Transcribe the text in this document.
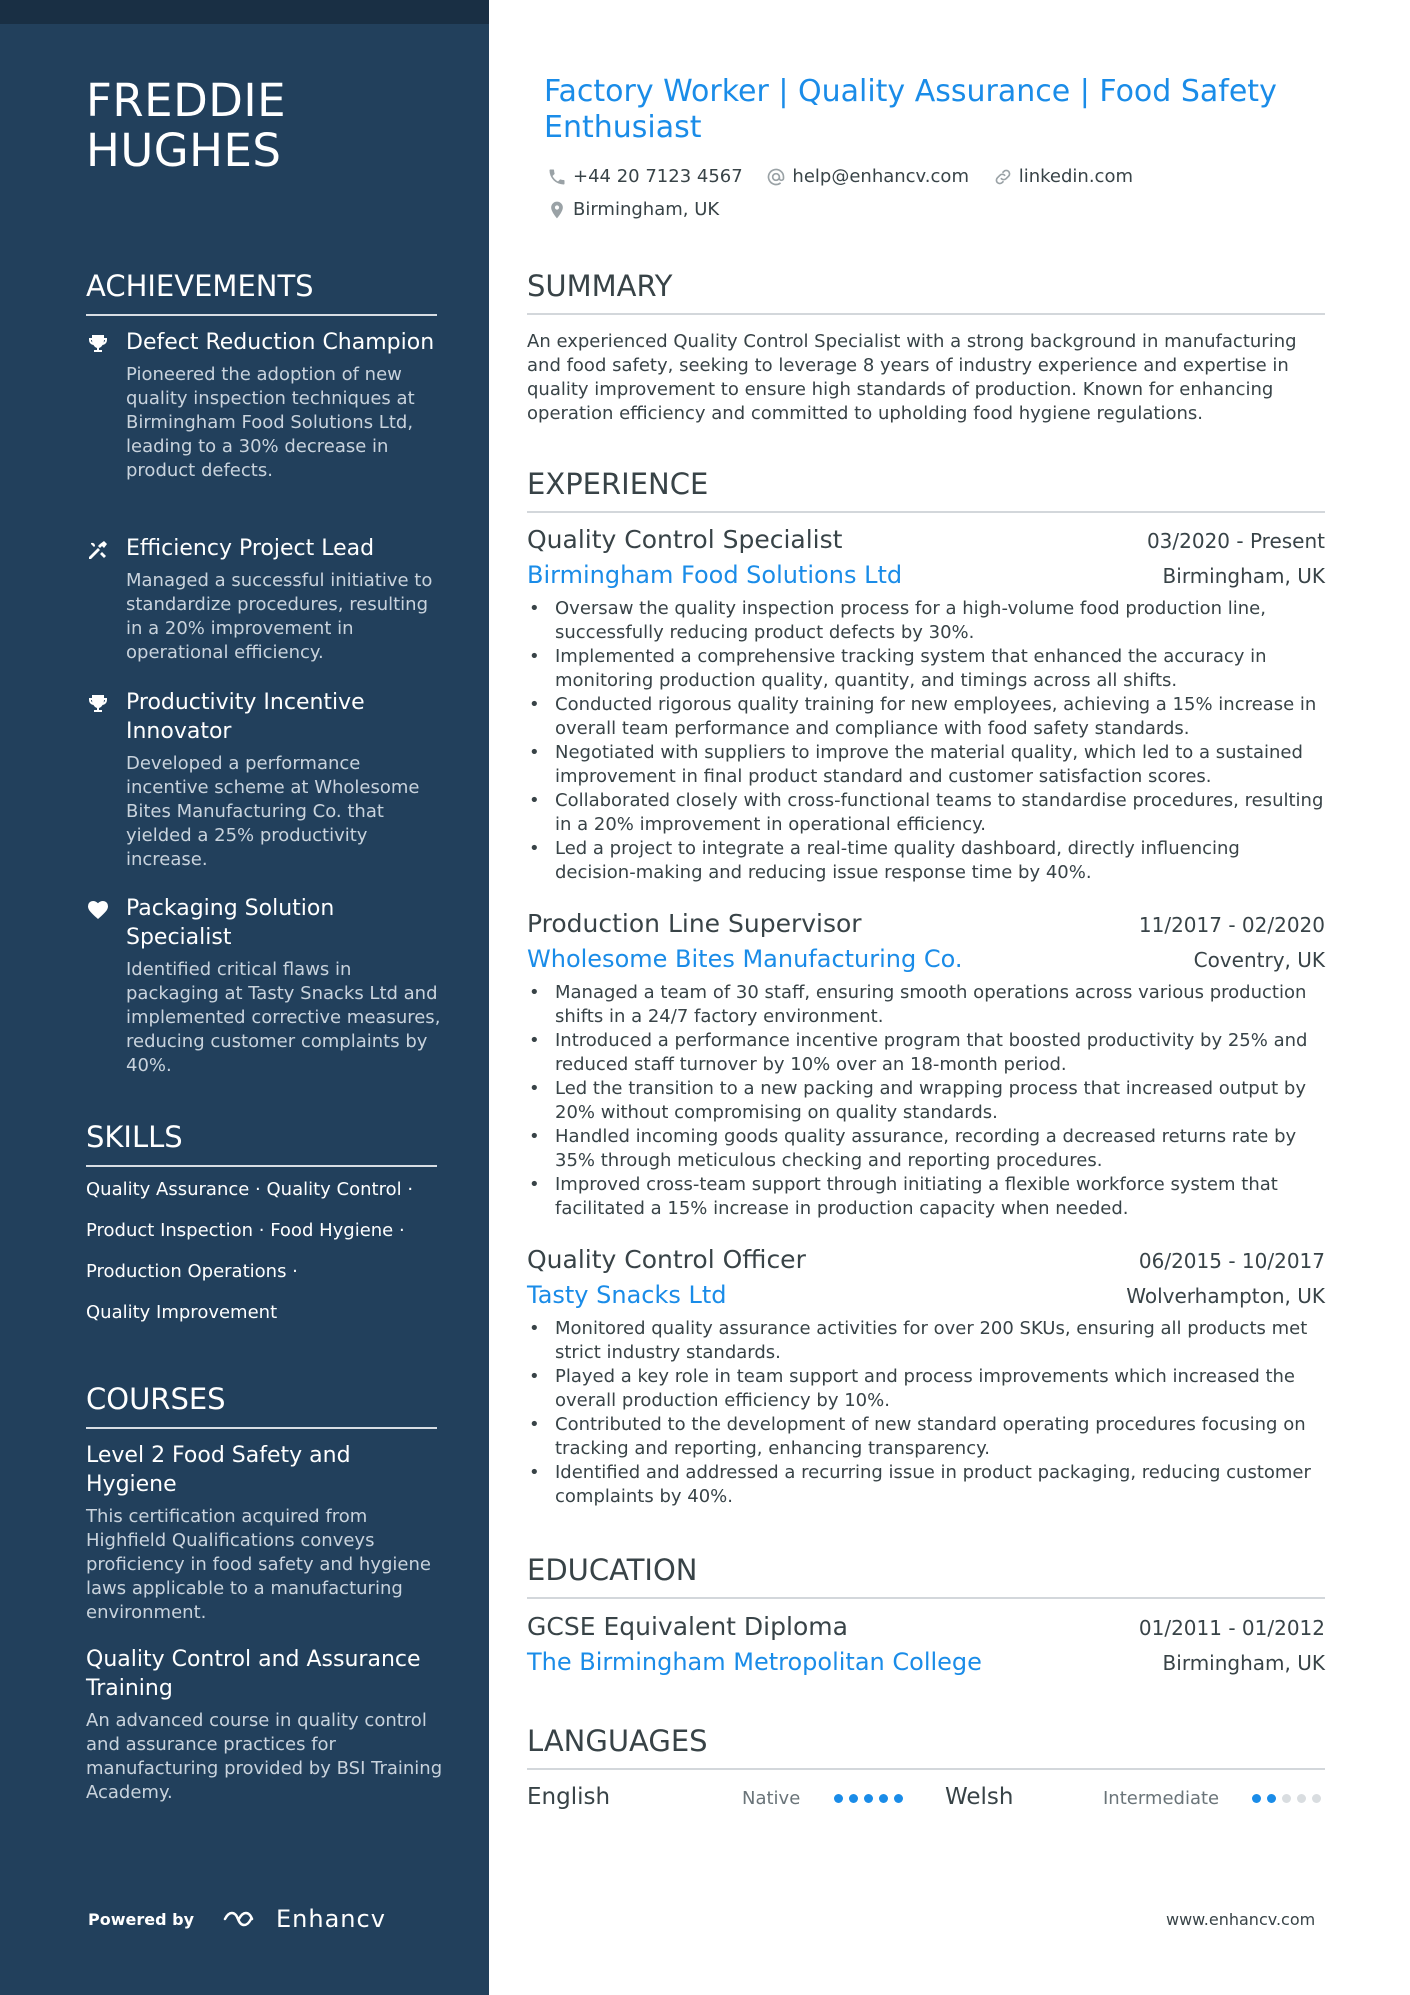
FREDDIE
HUGHES
ACHIEVEMENTS
Defect Reduction Champion
Pioneered the adoption of new quality inspection techniques at Birmingham Food Solutions Ltd, leading to a 30% decrease in product defects.
Efficiency Project Lead
Managed a successful initiative to standardize procedures, resulting in a 20% improvement in operational efficiency.
Productivity Incentive Innovator
Developed a performance incentive scheme at Wholesome Bites Manufacturing Co. that yielded a 25% productivity increase.
Packaging Solution Specialist
Identified critical flaws in packaging at Tasty Snacks Ltd and implemented corrective measures, reducing customer complaints by 40%.
SKILLS
Quality Assurance · Quality Control ·
Product Inspection · Food Hygiene ·
Production Operations ·
Quality Improvement
COURSES
Level 2 Food Safety and Hygiene
This certification acquired from Highfield Qualifications conveys proficiency in food safety and hygiene laws applicable to a manufacturing environment.
Quality Control and Assurance Training
An advanced course in quality control and assurance practices for manufacturing provided by BSI Training Academy.
Powered by	Enhancv
Factory Worker | Quality Assurance | Food Safety Enthusiast
+44 20 7123 4567
	help@enhancv.com
	linkedin.com

Birmingham, UK
SUMMARY
An experienced Quality Control Specialist with a strong background in manufacturing and food safety, seeking to leverage 8 years of industry experience and expertise in quality improvement to ensure high standards of production. Known for enhancing operation efficiency and committed to upholding food hygiene regulations.
EXPERIENCE
Quality Control Specialist	03/2020 - Present
Birmingham Food Solutions Ltd	Birmingham, UK
• Oversaw the quality inspection process for a high-volume food production line, successfully reducing product defects by 30%.
• Implemented a comprehensive tracking system that enhanced the accuracy in monitoring production quality, quantity, and timings across all shifts.
• Conducted rigorous quality training for new employees, achieving a 15% increase in overall team performance and compliance with food safety standards.
• Negotiated with suppliers to improve the material quality, which led to a sustained improvement in final product standard and customer satisfaction scores.
• Collaborated closely with cross-functional teams to standardise procedures, resulting in a 20% improvement in operational efficiency.
• Led a project to integrate a real-time quality dashboard, directly influencing decision-making and reducing issue response time by 40%.
Production Line Supervisor	11/2017 - 02/2020
Wholesome Bites Manufacturing Co.	Coventry, UK
• Managed a team of 30 staff, ensuring smooth operations across various production shifts in a 24/7 factory environment.
• Introduced a performance incentive program that boosted productivity by 25% and reduced staff turnover by 10% over an 18-month period.
• Led the transition to a new packing and wrapping process that increased output by 20% without compromising on quality standards.
• Handled incoming goods quality assurance, recording a decreased returns rate by 35% through meticulous checking and reporting procedures.
• Improved cross-team support through initiating a flexible workforce system that facilitated a 15% increase in production capacity when needed.
Quality Control Officer	06/2015 - 10/2017
Tasty Snacks Ltd	Wolverhampton, UK
• Monitored quality assurance activities for over 200 SKUs, ensuring all products met strict industry standards.
• Played a key role in team support and process improvements which increased the overall production efficiency by 10%.
• Contributed to the development of new standard operating procedures focusing on tracking and reporting, enhancing transparency.
• Identified and addressed a recurring issue in product packaging, reducing customer complaints by 40%.
EDUCATION
GCSE Equivalent Diploma	01/2011 - 01/2012
The Birmingham Metropolitan College	Birmingham, UK
LANGUAGES
English	Native	Welsh	Intermediate
www.enhancv.com
